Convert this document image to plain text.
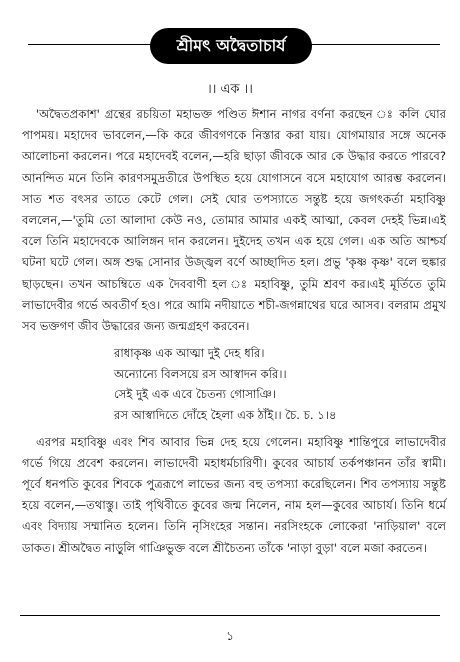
শ্রীমৎ অদ্বৈতাচার্য
।। এক ।।

'অদ্বৈতপ্রকাশ' গ্রন্থের রচয়িতা মহাভক্ত পণ্ডিত ঈশান নাগর বর্ণনা করছেন ঃ কলি ঘোর পাপময়। মহাদেব ভাবলেন,—কি করে জীবগণকে নিস্তার করা যায়। যোগমায়ার সঙ্গে অনেক আলোচনা করলেন। পরে মহাদেবই বলেন,—হরি ছাড়া জীবকে আর কে উদ্ধার করতে পারবে? আনন্দিত মনে তিনি কারণসমুদ্রতীরে উপস্থিত হয়ে যোগাসনে বসে মহাযোগ আরম্ভ করলেন। সাত শত বৎসর তাতে কেটে গেল। সেই ঘোর তপস্যাতে সন্তুষ্ট হয়ে জগৎকর্তা মহাবিষ্ণু বললেন,—'তুমি তো আলাদা কেউ নও, তোমার আমার একই আত্মা, কেবল দেহই ভিন্ন।এই বলে তিনি মহাদেবকে আলিঙ্গন দান করলেন। দুইদেহ তখন এক হয়ে গেল। এক অতি আশ্চর্য ঘটনা ঘটে গেল। অঙ্গ শুদ্ধ সোনার উজ্জ্বল বর্ণে আচ্ছাদিত হল। প্রভু 'কৃষ্ণ কৃষ্ণ' বলে হুঙ্কার ছাড়ছেন। তখন আচম্বিতে এক দৈববাণী হল ঃ মহাবিষ্ণু, তুমি শ্রবণ কর।এই মূর্তিতে তুমি লাভাদেবীর গর্ভে অবতীর্ণ হও। পরে আমি নদীয়াতে শচী-জগন্নাথের ঘরে আসব। বলরাম প্রমুখ সব ভক্তগণ জীব উদ্ধারের জন্য জন্মগ্রহণ করবেন।

রাধাকৃষ্ণ এক আত্মা দুই দেহ ধরি।
অন্যোন্যে বিলসয়ে রস আস্বাদন করি।।
সেই দুই এক এবে চৈতন্য গোসাঞি।
রস আস্বাদিতে দোঁহে হৈলা এক ঠাঁই।। চৈ. চ. ১।৪

এরপর মহাবিষ্ণু এবং শিব আবার ভিন্ন দেহ হয়ে গেলেন। মহাবিষ্ণু শান্তিপুরে লাভাদেবীর গর্ভে গিয়ে প্রবেশ করলেন। লাভাদেবী মহাধর্মচারিণী। কুবের আচার্য তর্কপঞ্চানন তাঁর স্বামী। পূর্বে ধনপতি কুবের শিবকে পুত্ররূপে লাভের জন্য বহু তপস্যা করেছিলেন। শিব তপস্যায় সন্তুষ্ট হয়ে বলেন,—তথাস্তু। তাই পৃথিবীতে কুবের জন্ম নিলেন, নাম হল—কুবের আচার্য। তিনি ধর্মে এবং বিদ্যায় সম্মানিত হলেন। তিনি নৃসিংহের সন্তান। নরসিংহকে লোকেরা 'নাড়িয়াল' বলে ডাকত। শ্রীঅদ্বৈত নাড়ুলি গাঞিভুক্ত বলে শ্রীচৈতন্য তাঁকে 'নাড়া বুড়া' বলে মজা করতেন।

১
